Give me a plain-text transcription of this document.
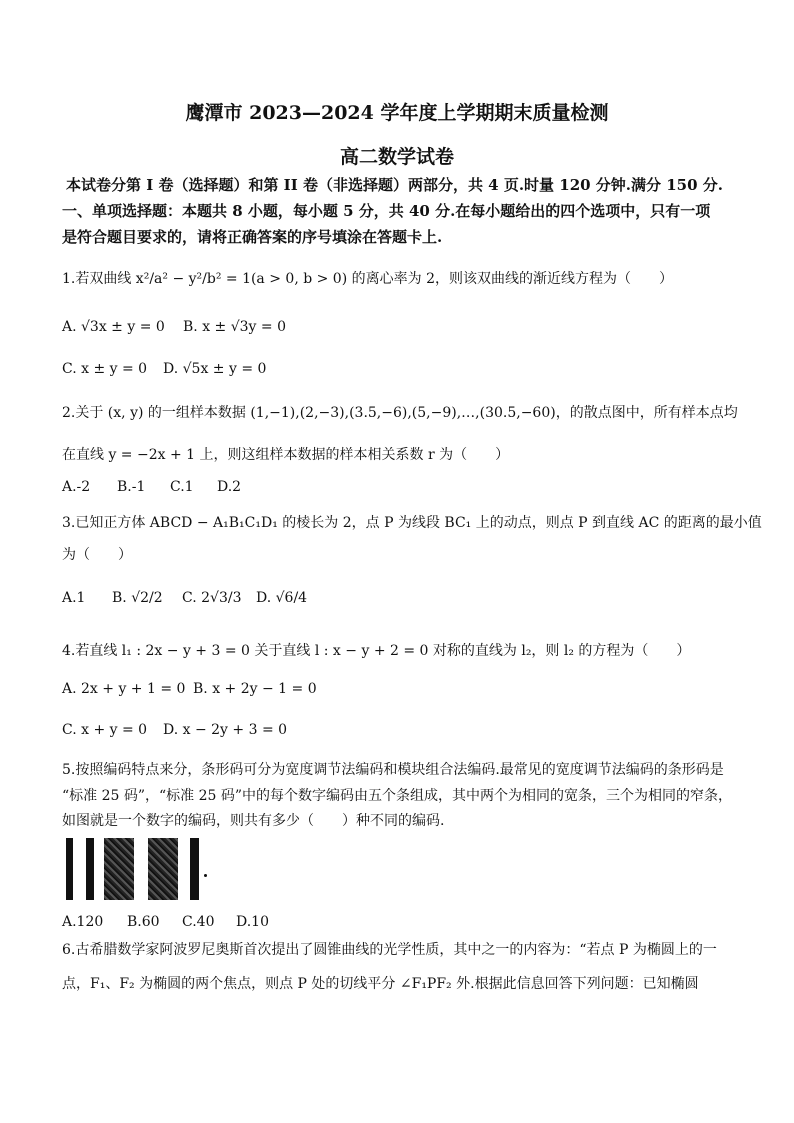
鹰潭市 2023—2024 学年度上学期期末质量检测
高二数学试卷
本试卷分第 I 卷（选择题）和第 II 卷（非选择题）两部分，共 4 页.时量 120 分钟.满分 150 分.
一、单项选择题：本题共 8 小题，每小题 5 分，共 40 分.在每小题给出的四个选项中，只有一项
是符合题目要求的，请将正确答案的序号填涂在答题卡上.
1.若双曲线 x²/a² − y²/b² = 1(a > 0, b > 0) 的离心率为 2，则该双曲线的渐近线方程为（　　）
A. √3x ± y = 0 B. x ± √3y = 0
C. x ± y = 0 D. √5x ± y = 0
2.关于 (x, y) 的一组样本数据 (1,−1),(2,−3),(3.5,−6),(5,−9),…,(30.5,−60)，的散点图中，所有样本点均
在直线 y = −2x + 1 上，则这组样本数据的样本相关系数 r 为（　　）
A.-2 B.-1 C.1 D.2
3.已知正方体 ABCD − A₁B₁C₁D₁ 的棱长为 2，点 P 为线段 BC₁ 上的动点，则点 P 到直线 AC 的距离的最小值
为（　　）
A.1 B. √2/2 C. 2√3/3 D. √6/4
4.若直线 l₁ : 2x − y + 3 = 0 关于直线 l : x − y + 2 = 0 对称的直线为 l₂，则 l₂ 的方程为（　　）
A. 2x + y + 1 = 0 B. x + 2y − 1 = 0
C. x + y = 0 D. x − 2y + 3 = 0
5.按照编码特点来分，条形码可分为宽度调节法编码和模块组合法编码.最常见的宽度调节法编码的条形码是
“标准 25 码”，“标准 25 码”中的每个数字编码由五个条组成，其中两个为相同的宽条，三个为相同的窄条，
如图就是一个数字的编码，则共有多少（　　）种不同的编码.
A.120 B.60 C.40 D.10
6.古希腊数学家阿波罗尼奥斯首次提出了圆锥曲线的光学性质，其中之一的内容为：“若点 P 为椭圆上的一
点，F₁、F₂ 为椭圆的两个焦点，则点 P 处的切线平分 ∠F₁PF₂ 外.根据此信息回答下列问题：已知椭圆
